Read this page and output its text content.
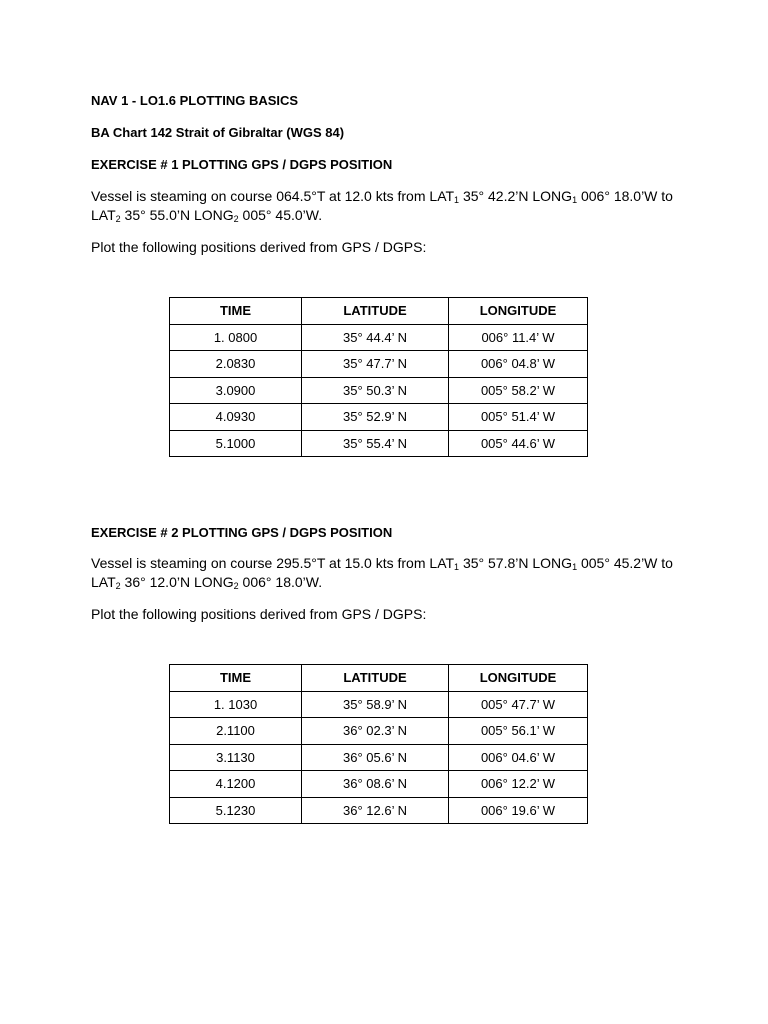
NAV 1 - LO1.6 PLOTTING BASICS
BA Chart 142 Strait of Gibraltar (WGS 84)
EXERCISE # 1 PLOTTING GPS / DGPS POSITION
Vessel is steaming on course 064.5°T at 12.0 kts from $LAT_1$ 35° 42.2’N $LONG_1$ 006° 18.0’W to
$LAT_2$ 35° 55.0’N $LONG_2$ 005° 45.0’W.
Plot the following positions derived from GPS / DGPS:
TIME	LATITUDE	LONGITUDE
1. 0800	35° 44.4’ N	006° 11.4’ W
2.0830	35° 47.7’ N	006° 04.8’ W
3.0900	35° 50.3’ N	005° 58.2’ W
4.0930	35° 52.9’ N	005° 51.4’ W
5.1000	35° 55.4’ N	005° 44.6’ W
EXERCISE # 2 PLOTTING GPS / DGPS POSITION
Vessel is steaming on course 295.5°T at 15.0 kts from $LAT_1$ 35° 57.8’N $LONG_1$ 005° 45.2’W to
$LAT_2$ 36° 12.0’N $LONG_2$ 006° 18.0’W.
Plot the following positions derived from GPS / DGPS:
TIME	LATITUDE	LONGITUDE
1. 1030	35° 58.9’ N	005° 47.7’ W
2.1100	36° 02.3’ N	005° 56.1’ W
3.1130	36° 05.6’ N	006° 04.6’ W
4.1200	36° 08.6’ N	006° 12.2’ W
5.1230	36° 12.6’ N	006° 19.6’ W
